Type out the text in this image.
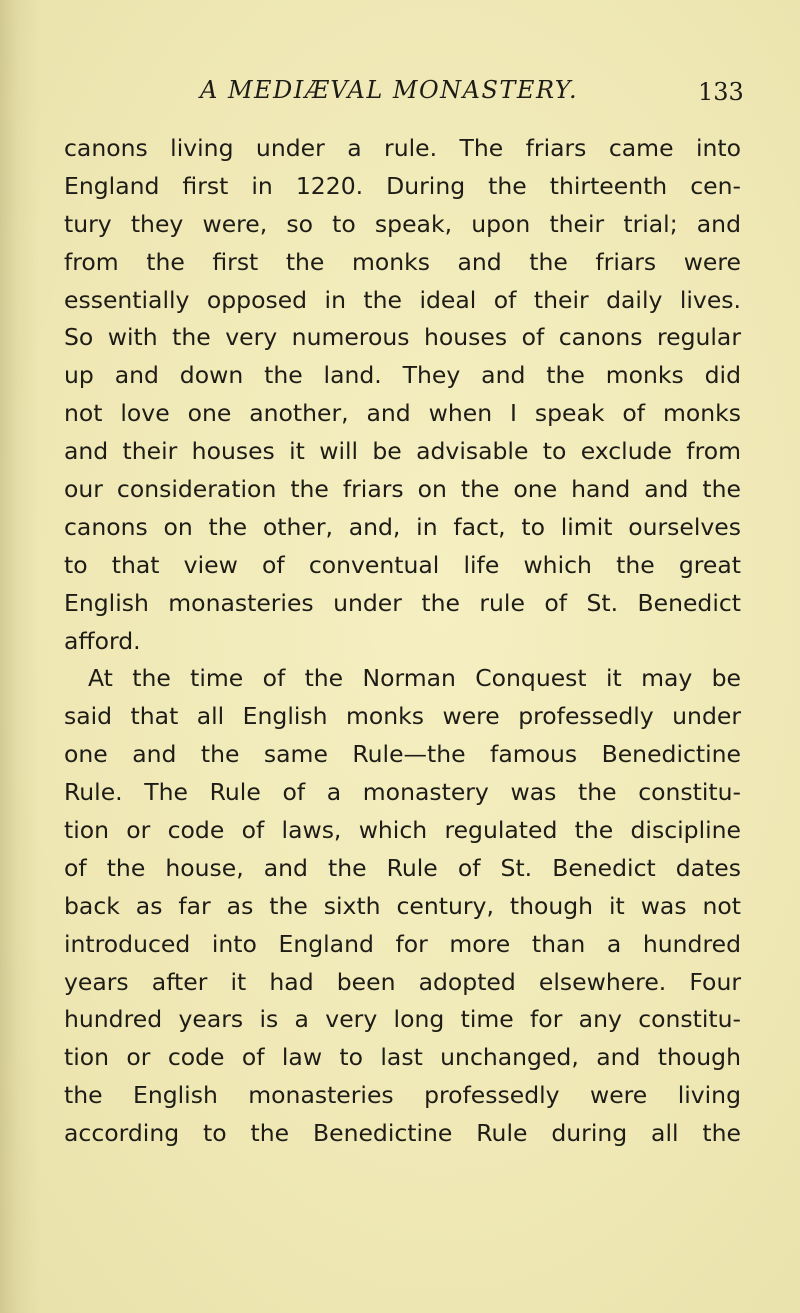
A MEDIÆVAL MONASTERY.	133
canons living under a rule. The friars came into
England first in 1220. During the thirteenth cen-
tury they were, so to speak, upon their trial; and
from the first the monks and the friars were
essentially opposed in the ideal of their daily lives.
So with the very numerous houses of canons regular
up and down the land. They and the monks did
not love one another, and when I speak of monks
and their houses it will be advisable to exclude from
our consideration the friars on the one hand and the
canons on the other, and, in fact, to limit ourselves
to that view of conventual life which the great
English monasteries under the rule of St. Benedict
afford.
At the time of the Norman Conquest it may be
said that all English monks were professedly under
one and the same Rule—the famous Benedictine
Rule. The Rule of a monastery was the constitu-
tion or code of laws, which regulated the discipline
of the house, and the Rule of St. Benedict dates
back as far as the sixth century, though it was not
introduced into England for more than a hundred
years after it had been adopted elsewhere. Four
hundred years is a very long time for any constitu-
tion or code of law to last unchanged, and though
the English monasteries professedly were living
according to the Benedictine Rule during all the
